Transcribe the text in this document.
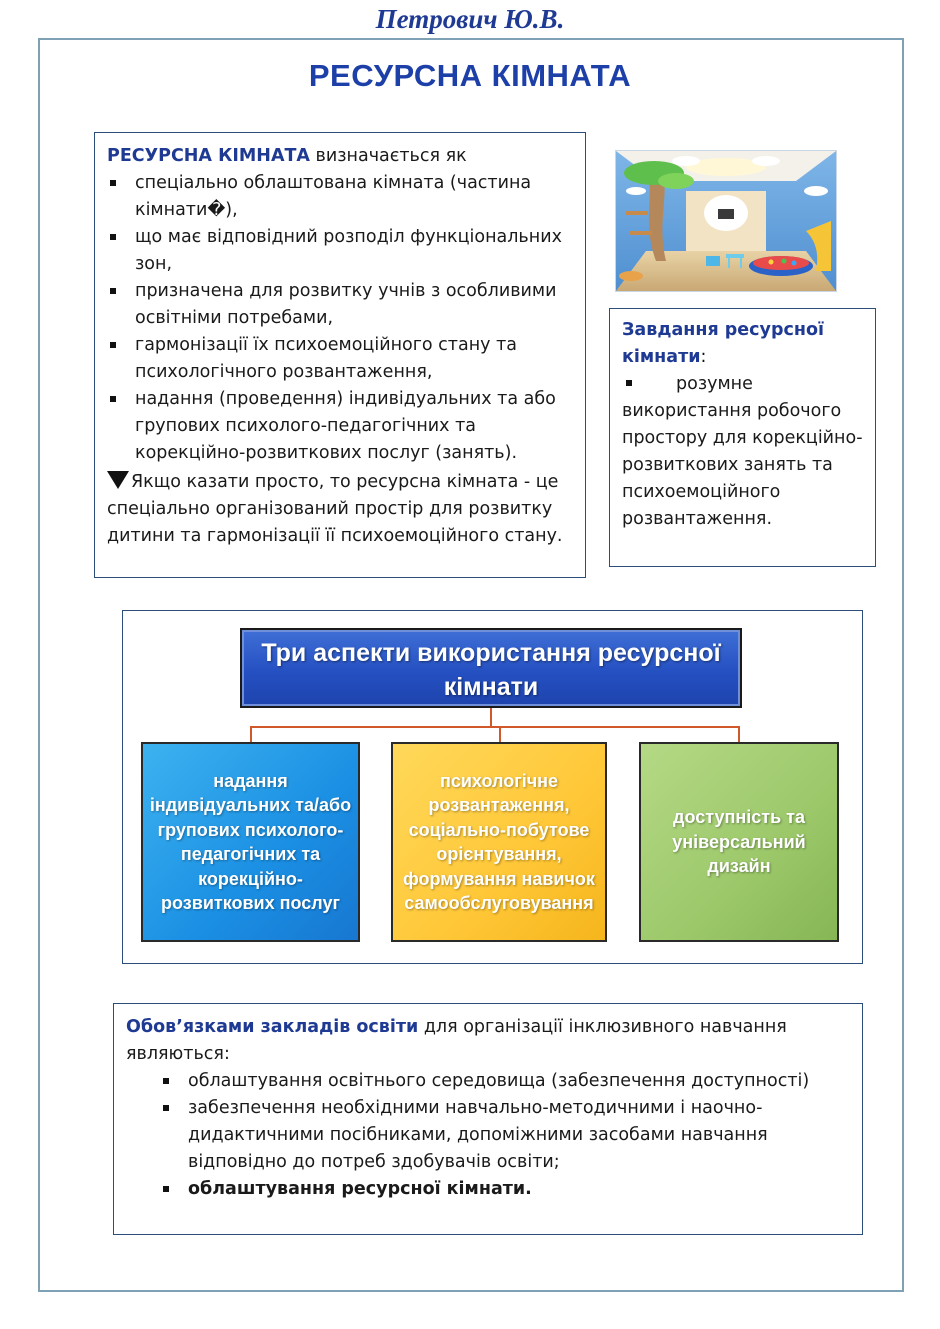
Петрович Ю.В.
РЕСУРСНА КІМНАТА

РЕСУРСНА КІМНАТА визначається як

спеціально облаштована кімната (частина кімнати�),
що має відповідний розподіл функціональних зон,
призначена для розвитку учнів з особливими освітніми потребами,
гармонізації їх психоемоційного стану та психологічного розвантаження,
надання (проведення) індивідуальних та або групових психолого-педагогічних та корекційно-розвиткових послуг (занять).
Якщо казати просто, то ресурсна кімната - це спеціально організований простір для розвитку дитини та гармонізації її психоемоційного стану.
Завдання ресурсної кімнати:
розумне використання робочого простору для корекційно-розвиткових занять та психоемоційного розвантаження.
Три аспекти використання ресурсної кімнати
надання індивідуальних та/або групових психолого-педагогічних та корекційно-розвиткових послуг
психологічне розвантаження, соціально-побутове орієнтування, формування навичок самообслуговування
доступність та універсальний дизайн

Обов’язками закладів освіти для організації інклюзивного навчання являються:

облаштування освітнього середовища (забезпечення доступності)
забезпечення необхідними навчально-методичними і наочно-дидактичними посібниками, допоміжними засобами навчання відповідно до потреб здобувачів освіти;
облаштування ресурсної кімнати.
